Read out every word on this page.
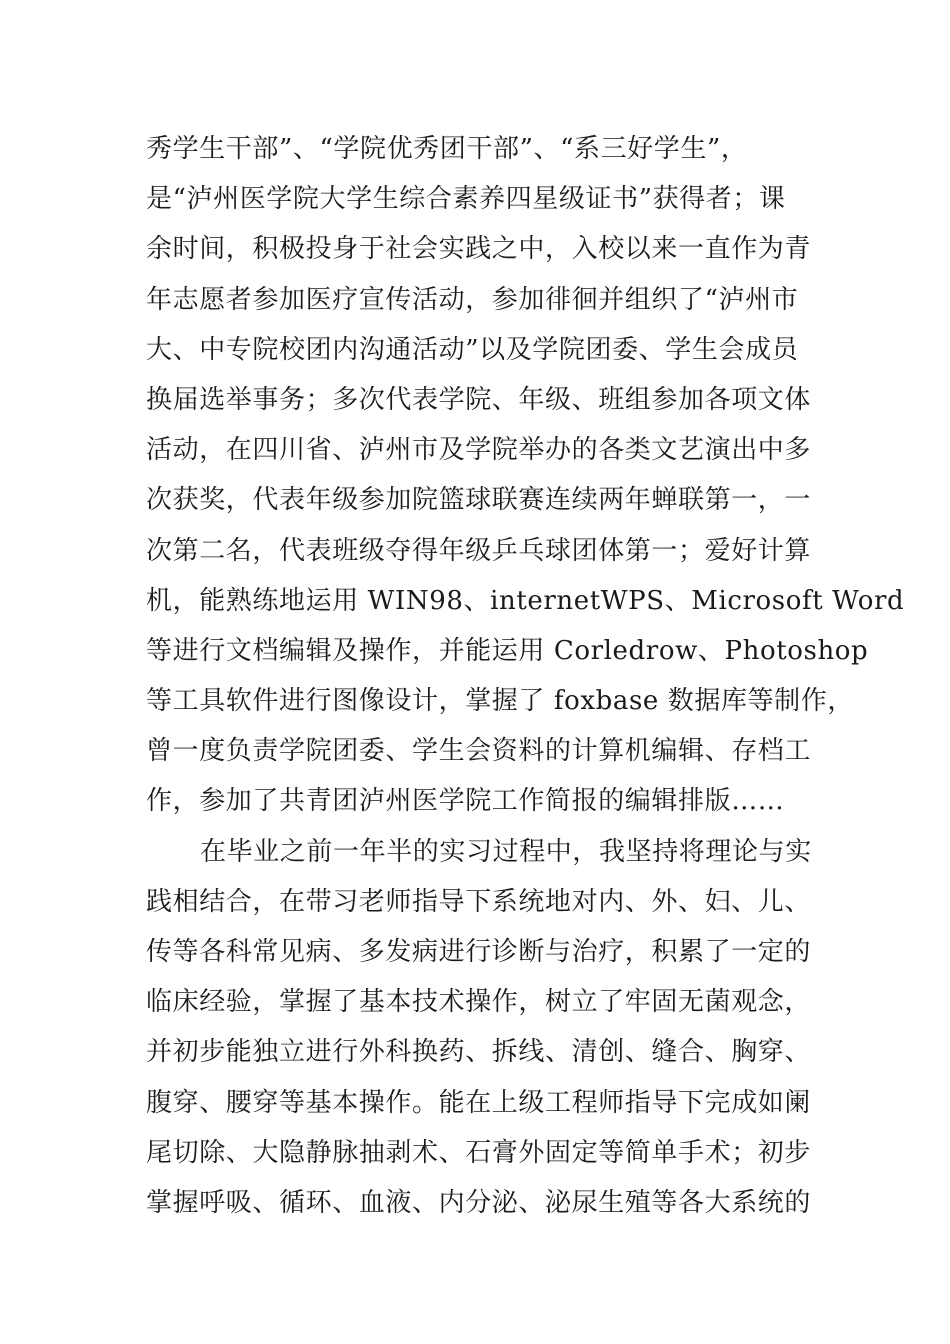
秀学生干部”、“学院优秀团干部”、“系三好学生”，
是“泸州医学院大学生综合素养四星级证书”获得者；课
余时间，积极投身于社会实践之中，入校以来一直作为青
年志愿者参加医疗宣传活动，参加徘徊并组织了“泸州市
大、中专院校团内沟通活动”以及学院团委、学生会成员
换届选举事务；多次代表学院、年级、班组参加各项文体
活动，在四川省、泸州市及学院举办的各类文艺演出中多
次获奖，代表年级参加院篮球联赛连续两年蝉联第一，一
次第二名，代表班级夺得年级乒乓球团体第一；爱好计算
机，能熟练地运用 WIN98、internetWPS、Microsoft Word
等进行文档编辑及操作，并能运用 Corledrow、Photoshop
等工具软件进行图像设计，掌握了 foxbase 数据库等制作，
曾一度负责学院团委、学生会资料的计算机编辑、存档工
作，参加了共青团泸州医学院工作简报的编辑排版……
在毕业之前一年半的实习过程中，我坚持将理论与实
践相结合，在带习老师指导下系统地对内、外、妇、儿、
传等各科常见病、多发病进行诊断与治疗，积累了一定的
临床经验，掌握了基本技术操作，树立了牢固无菌观念，
并初步能独立进行外科换药、拆线、清创、缝合、胸穿、
腹穿、腰穿等基本操作。能在上级工程师指导下完成如阑
尾切除、大隐静脉抽剥术、石膏外固定等简单手术；初步
掌握呼吸、循环、血液、内分泌、泌尿生殖等各大系统的
